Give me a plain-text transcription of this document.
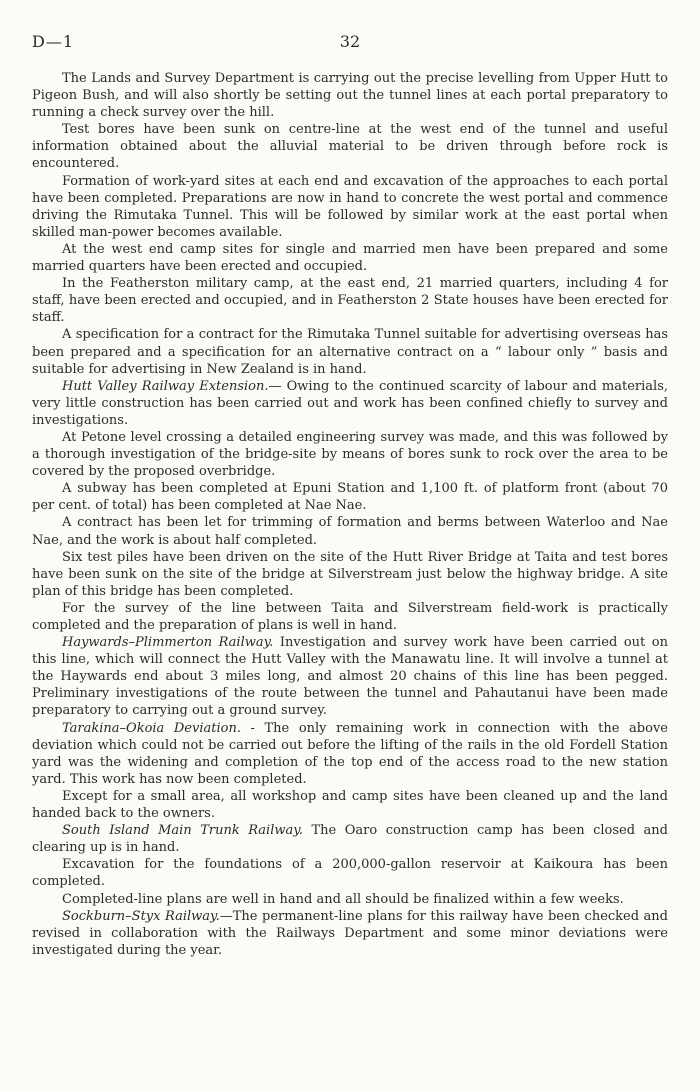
D—1	32

The Lands and Survey Department is carrying out the precise levelling from Upper Hutt to Pigeon Bush, and will also shortly be setting out the tunnel lines at each portal preparatory to running a check survey over the hill.

Test bores have been sunk on centre-line at the west end of the tunnel and useful information obtained about the alluvial material to be driven through before rock is encountered.

Formation of work-yard sites at each end and excavation of the approaches to each portal have been completed. Preparations are now in hand to concrete the west portal and commence driving the Rimutaka Tunnel. This will be followed by similar work at the east portal when skilled man-power becomes available.

At the west end camp sites for single and married men have been prepared and some married quarters have been erected and occupied.

In the Featherston military camp, at the east end, 21 married quarters, including 4 for staff, have been erected and occupied, and in Featherston 2 State houses have been erected for staff.

A specification for a contract for the Rimutaka Tunnel suitable for advertising overseas has been prepared and a specification for an alternative contract on a “ labour only ” basis and suitable for advertising in New Zealand is in hand.

Hutt Valley Railway Extension.— Owing to the continued scarcity of labour and materials, very little construction has been carried out and work has been confined chiefly to survey and investigations.

At Petone level crossing a detailed engineering survey was made, and this was followed by a thorough investigation of the bridge-site by means of bores sunk to rock over the area to be covered by the proposed overbridge.

A subway has been completed at Epuni Station and 1,100 ft. of platform front (about 70 per cent. of total) has been completed at Nae Nae.

A contract has been let for trimming of formation and berms between Waterloo and Nae Nae, and the work is about half completed.

Six test piles have been driven on the site of the Hutt River Bridge at Taita and test bores have been sunk on the site of the bridge at Silverstream just below the highway bridge. A site plan of this bridge has been completed.

For the survey of the line between Taita and Silverstream field-work is practically completed and the preparation of plans is well in hand.

Haywards–Plimmerton Railway. Investigation and survey work have been carried out on this line, which will connect the Hutt Valley with the Manawatu line. It will involve a tunnel at the Haywards end about 3 miles long, and almost 20 chains of this line has been pegged. Preliminary investigations of the route between the tunnel and Pahautanui have been made preparatory to carrying out a ground survey.

Tarakina–Okoia Deviation. - The only remaining work in connection with the above deviation which could not be carried out before the lifting of the rails in the old Fordell Station yard was the widening and completion of the top end of the access road to the new station yard. This work has now been completed.

Except for a small area, all workshop and camp sites have been cleaned up and the land handed back to the owners.

South Island Main Trunk Railway. The Oaro construction camp has been closed and clearing up is in hand.

Excavation for the foundations of a 200,000-gallon reservoir at Kaikoura has been completed.

Completed-line plans are well in hand and all should be finalized within a few weeks.

Sockburn–Styx Railway.—The permanent-line plans for this railway have been checked and revised in collaboration with the Railways Department and some minor deviations were investigated during the year.
